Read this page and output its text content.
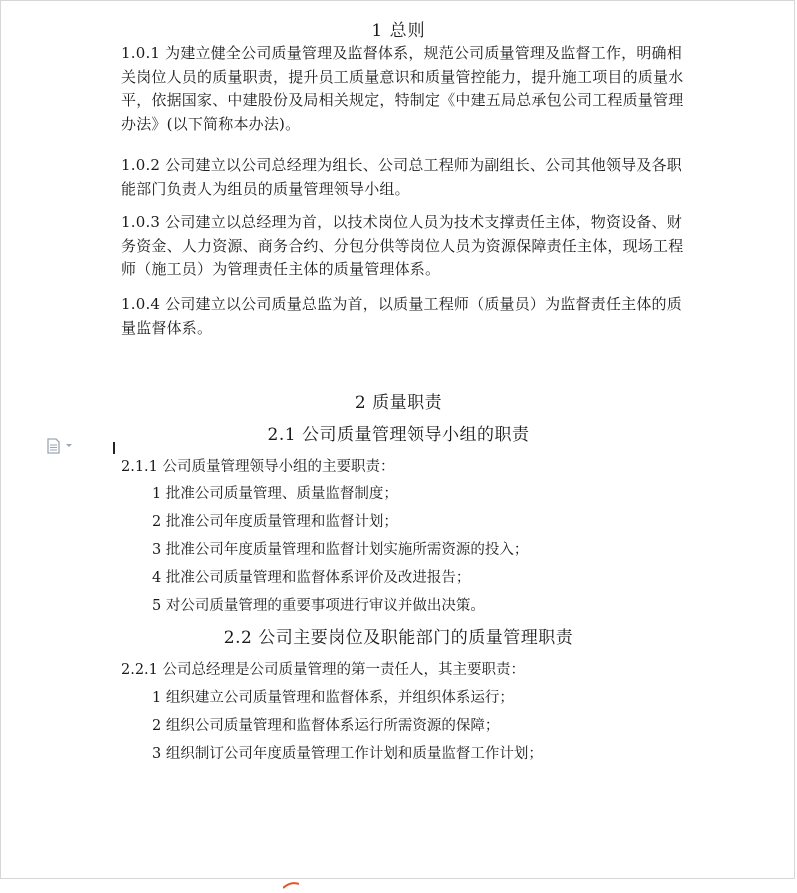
1 总则
1.0.1 为建立健全公司质量管理及监督体系，规范公司质量管理及监督工作，明确相关岗位人员的质量职责，提升员工质量意识和质量管控能力，提升施工项目的质量水平，依据国家、中建股份及局相关规定，特制定《中建五局总承包公司工程质量管理办法》(以下简称本办法)。
1.0.2 公司建立以公司总经理为组长、公司总工程师为副组长、公司其他领导及各职能部门负责人为组员的质量管理领导小组。
1.0.3 公司建立以总经理为首，以技术岗位人员为技术支撑责任主体，物资设备、财务资金、人力资源、商务合约、分包分供等岗位人员为资源保障责任主体，现场工程师（施工员）为管理责任主体的质量管理体系。
1.0.4 公司建立以公司质量总监为首，以质量工程师（质量员）为监督责任主体的质量监督体系。
2 质量职责
2.1 公司质量管理领导小组的职责
2.1.1 公司质量管理领导小组的主要职责：
1 批准公司质量管理、质量监督制度；
2 批准公司年度质量管理和监督计划；
3 批准公司年度质量管理和监督计划实施所需资源的投入；
4 批准公司质量管理和监督体系评价及改进报告；
5 对公司质量管理的重要事项进行审议并做出决策。
2.2 公司主要岗位及职能部门的质量管理职责
2.2.1 公司总经理是公司质量管理的第一责任人，其主要职责：
1 组织建立公司质量管理和监督体系，并组织体系运行；
2 组织公司质量管理和监督体系运行所需资源的保障；
3 组织制订公司年度质量管理工作计划和质量监督工作计划；
